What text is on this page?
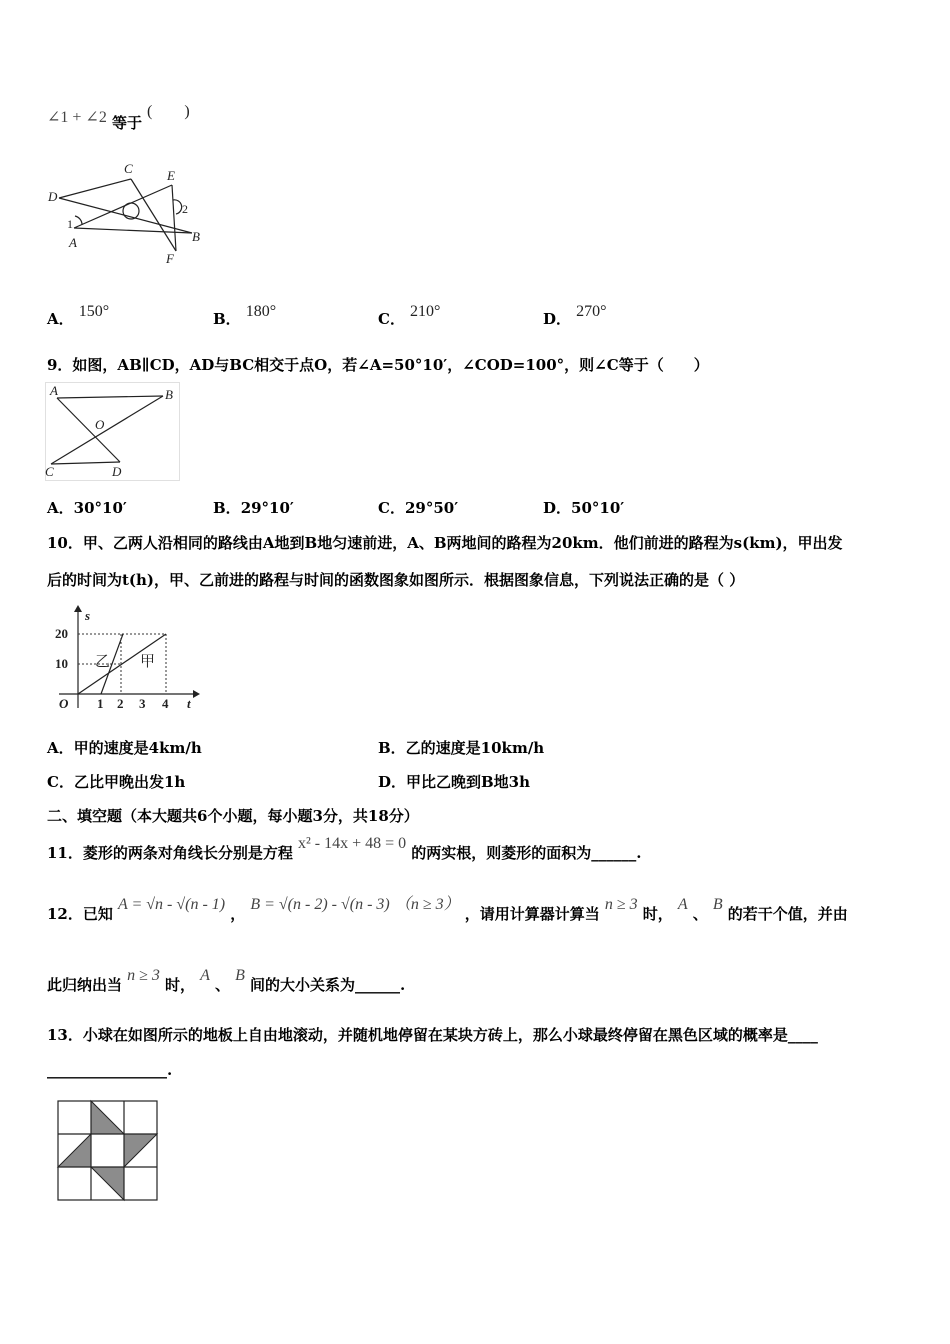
∠1 + ∠2 等于 (　　)
C	E
D
A	B
F
1
2
A． 150°	B． 180°	C． 210°	D． 270°
9．如图，AB∥CD，AD与BC相交于点O，若∠A=50°10′，∠COD=100°，则∠C等于（　　）
A	B
O
C	D
A．30°10′	B．29°10′	C．29°50′	D．50°10′
10．甲、乙两人沿相同的路线由A地到B地匀速前进，A、B两地间的路程为20km．他们前进的路程为s(km)，甲出发
后的时间为t(h)，甲、乙前进的路程与时间的函数图象如图所示．根据图象信息，下列说法正确的是（ ）
s
20
10
O 1 2 3 4 t
乙 甲
A．甲的速度是4km/h	B．乙的速度是10km/h
C．乙比甲晚出发1h	D．甲比乙晚到B地3h
二、填空题（本大题共6个小题，每小题3分，共18分）
11．菱形的两条对角线长分别是方程 x² - 14x + 48 = 0 的两实根，则菱形的面积为______.
12．已知 A = √n - √(n - 1) ， B = √(n - 2) - √(n - 3) （n ≥ 3） ，请用计算器计算当 n ≥ 3 时， A 、 B 的若干个值，并由
此归纳出当 n ≥ 3 时， A 、 B 间的大小关系为______.
13．小球在如图所示的地板上自由地滚动，并随机地停留在某块方砖上，那么小球最终停留在黑色区域的概率是____
________________.
